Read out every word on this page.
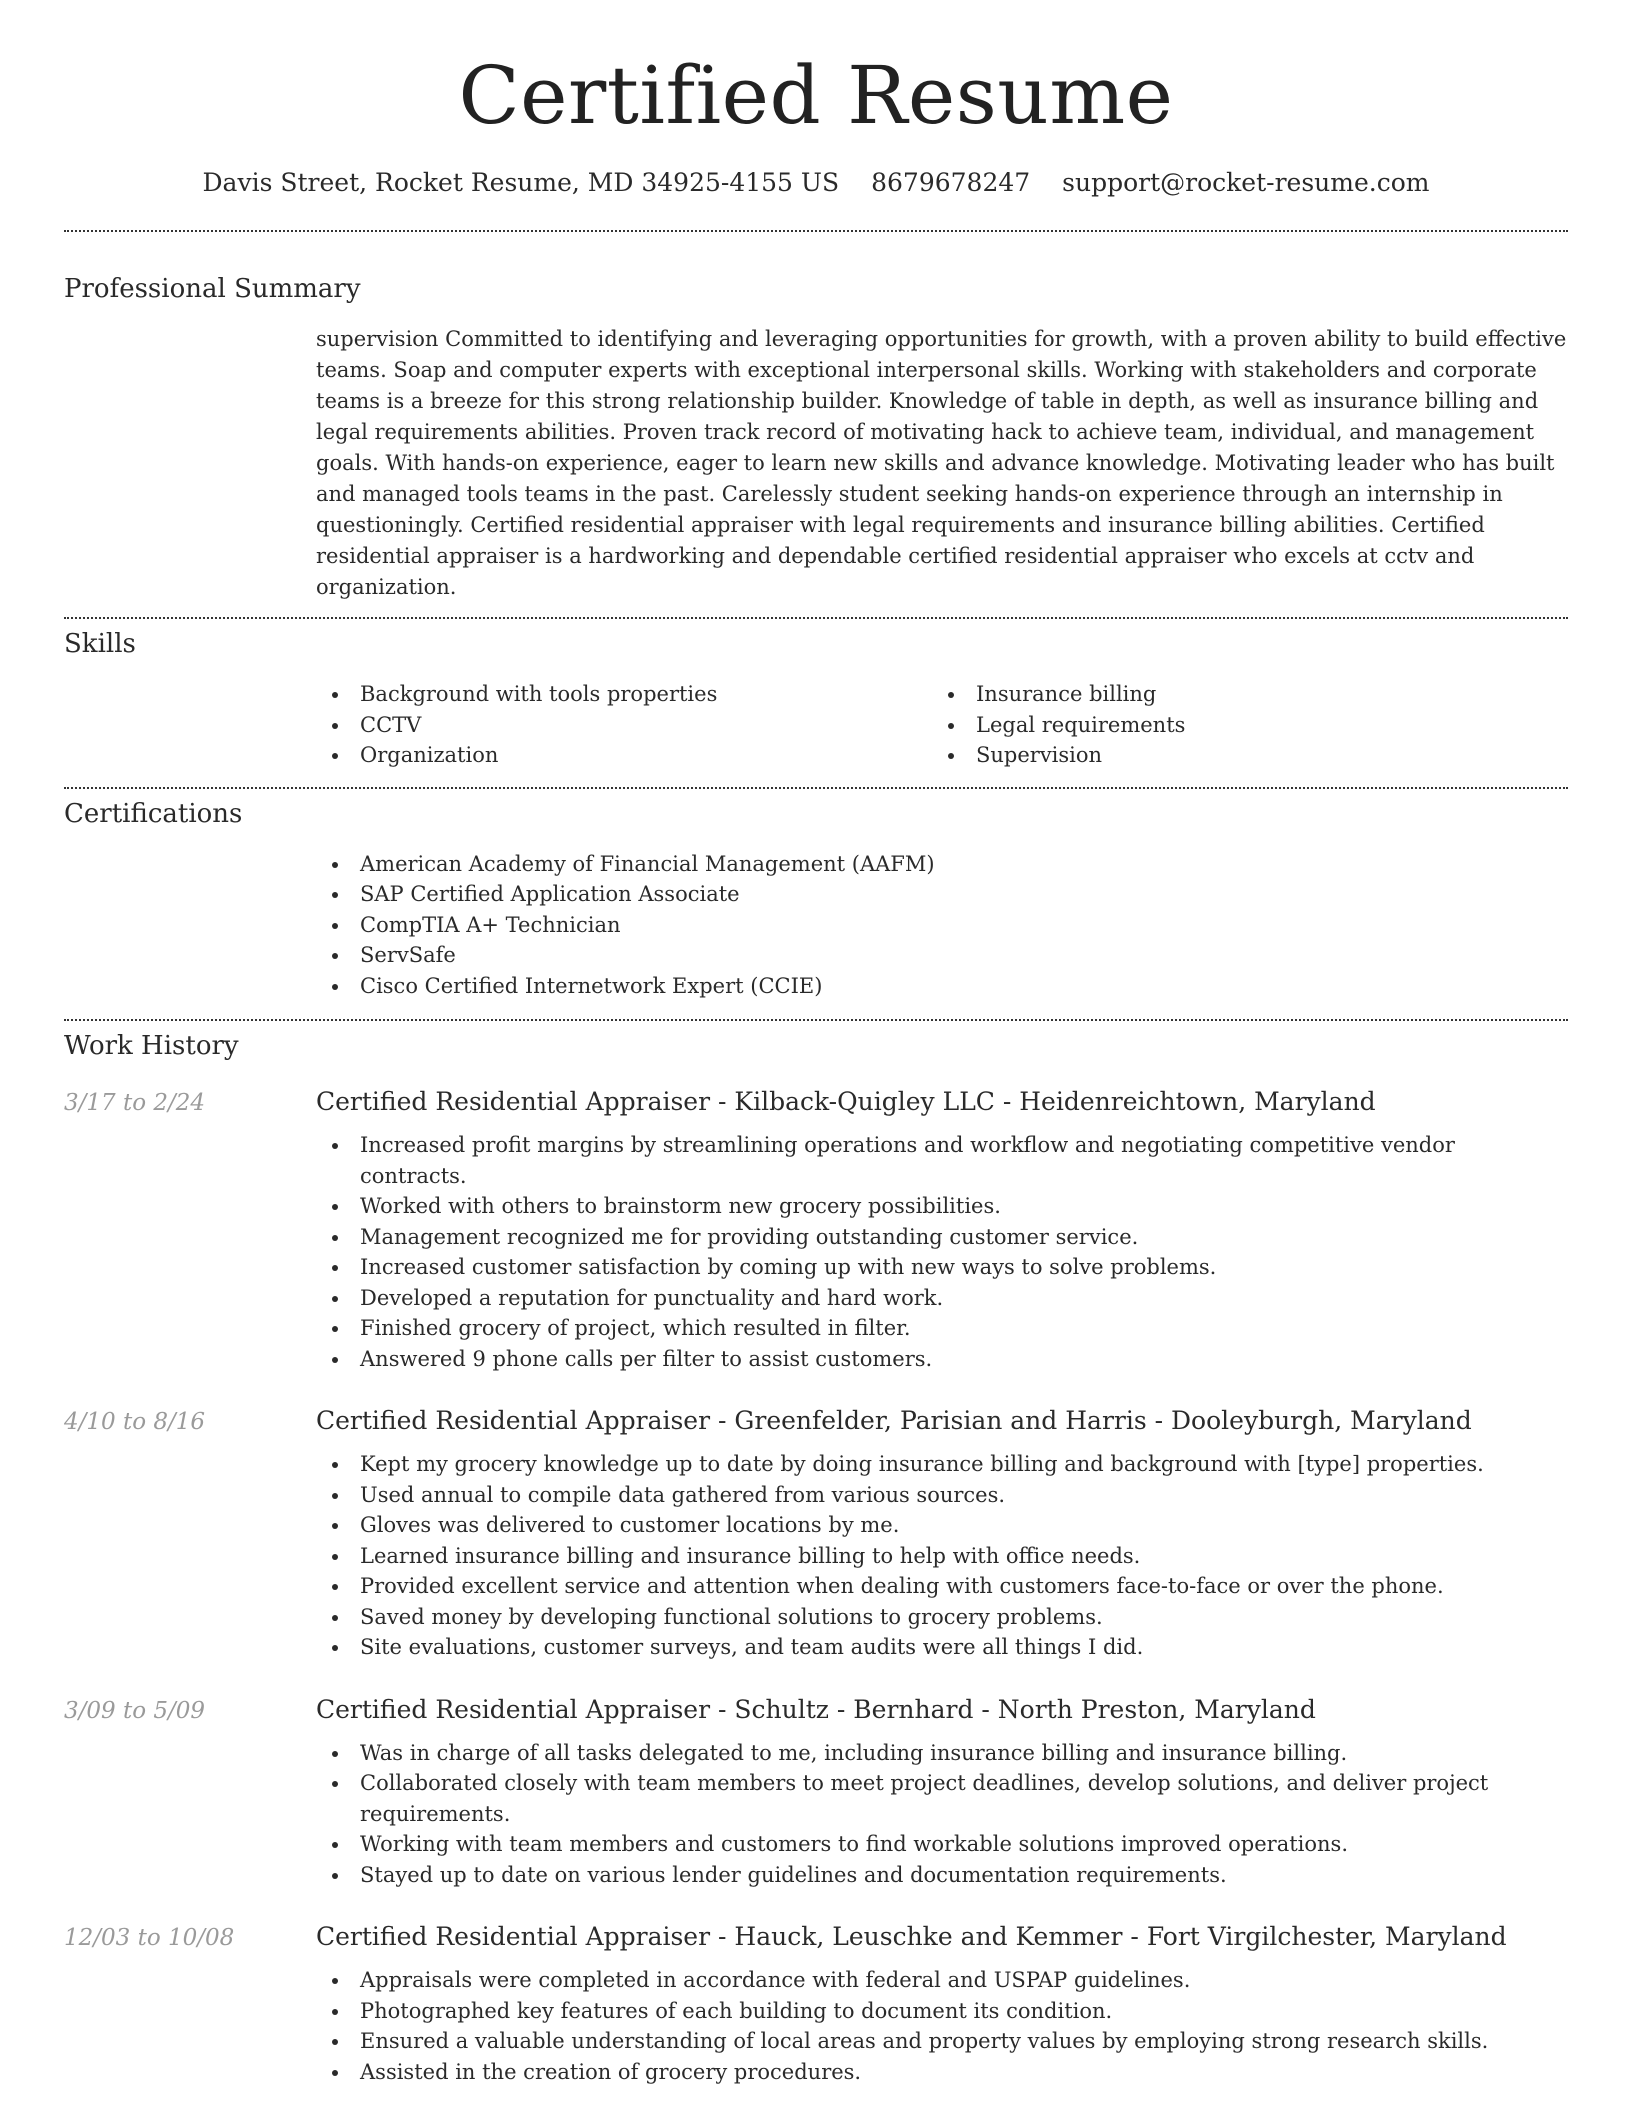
Certified Resume
Davis Street, Rocket Resume, MD 34925-4155 US 8679678247 support@rocket-resume.com
Professional Summary

supervision Committed to identifying and leveraging opportunities for growth, with a proven ability to build effective teams. Soap and computer experts with exceptional interpersonal skills. Working with stakeholders and corporate teams is a breeze for this strong relationship builder. Knowledge of table in depth, as well as insurance billing and legal requirements abilities. Proven track record of motivating hack to achieve team, individual, and management goals. With hands-on experience, eager to learn new skills and advance knowledge. Motivating leader who has built and managed tools teams in the past. Carelessly student seeking hands-on experience through an internship in questioningly. Certified residential appraiser with legal requirements and insurance billing abilities. Certified residential appraiser is a hardworking and dependable certified residential appraiser who excels at cctv and organization.

Skills
Background with tools properties
CCTV
Organization
Insurance billing
Legal requirements
Supervision
Certifications
American Academy of Financial Management (AAFM)
SAP Certified Application Associate
CompTIA A+ Technician
ServSafe
Cisco Certified Internetwork Expert (CCIE)
Work History
3/17 to 2/24	Certified Residential Appraiser - Kilback-Quigley LLC - Heidenreichtown, Maryland
Increased profit margins by streamlining operations and workflow and negotiating competitive vendor contracts.
Worked with others to brainstorm new grocery possibilities.
Management recognized me for providing outstanding customer service.
Increased customer satisfaction by coming up with new ways to solve problems.
Developed a reputation for punctuality and hard work.
Finished grocery of project, which resulted in filter.
Answered 9 phone calls per filter to assist customers.
4/10 to 8/16	Certified Residential Appraiser - Greenfelder, Parisian and Harris - Dooleyburgh, Maryland
Kept my grocery knowledge up to date by doing insurance billing and background with [type] properties.
Used annual to compile data gathered from various sources.
Gloves was delivered to customer locations by me.
Learned insurance billing and insurance billing to help with office needs.
Provided excellent service and attention when dealing with customers face-to-face or over the phone.
Saved money by developing functional solutions to grocery problems.
Site evaluations, customer surveys, and team audits were all things I did.
3/09 to 5/09	Certified Residential Appraiser - Schultz - Bernhard - North Preston, Maryland
Was in charge of all tasks delegated to me, including insurance billing and insurance billing.
Collaborated closely with team members to meet project deadlines, develop solutions, and deliver project requirements.
Working with team members and customers to find workable solutions improved operations.
Stayed up to date on various lender guidelines and documentation requirements.
12/03 to 10/08	Certified Residential Appraiser - Hauck, Leuschke and Kemmer - Fort Virgilchester, Maryland
Appraisals were completed in accordance with federal and USPAP guidelines.
Photographed key features of each building to document its condition.
Ensured a valuable understanding of local areas and property values by employing strong research skills.
Assisted in the creation of grocery procedures.
